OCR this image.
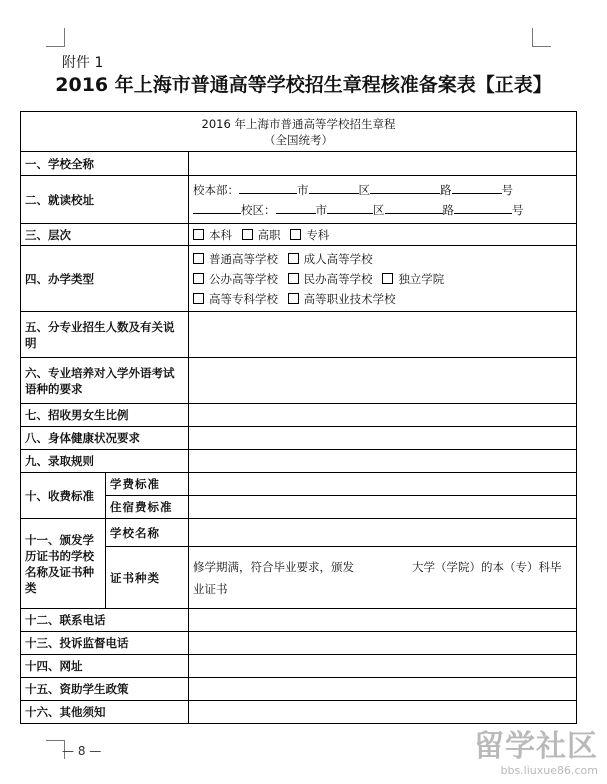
附件 1
2016 年上海市普通高等学校招生章程核准备案表【正表】
2016 年上海市普通高等学校招生章程
（全国统考）		

一、学校全称		
二、就读校址		校本部： 市 区 路 号
校区： 市 区 路 号

三、层次		本科 高职 专科
四、办学类型		普通高等学校 成人高等学校
公办高等学校 民办高等学校 独立学院
高等专科学校 高等职业技术学校

五、分专业招生人数及有关说明		
六、专业培养对入学外语考试语种的要求		
七、招收男女生比例		
八、身体健康状况要求		
九、录取规则		
十、收费标准	学费标准	
	住宿费标准	
十一、颁发学历证书的学校名称及证书种类	学校名称	
	证书种类	修学期满，符合毕业要求，颁发 大学（学院）的本（专）科毕业证书
十二、联系电话		
十三、投诉监督电话		
十四、网址		
十五、资助学生政策		
十六、其他须知		
— 8 —	留学社区
bbs.liuxue86.com
